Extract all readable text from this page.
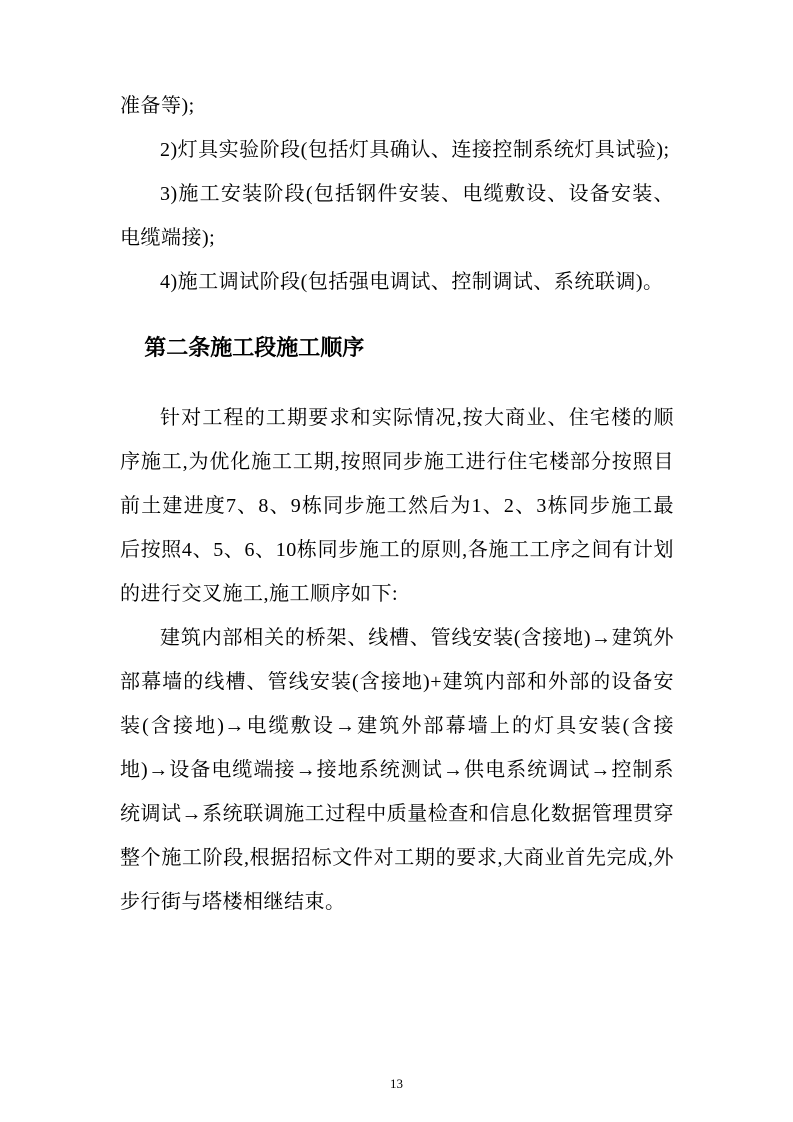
准备等);

2)灯具实验阶段(包括灯具确认、连接控制系统灯具试验);

3)施工安装阶段(包括钢件安装、电缆敷设、设备安装、电缆端接);

4)施工调试阶段(包括强电调试、控制调试、系统联调)。

第二条施工段施工顺序

针对工程的工期要求和实际情况,按大商业、住宅楼的顺序施工,为优化施工工期,按照同步施工进行住宅楼部分按照目前土建进度7、8、9栋同步施工然后为1、2、3栋同步施工最后按照4、5、6、10栋同步施工的原则,各施工工序之间有计划的进行交叉施工,施工顺序如下:

建筑内部相关的桥架、线槽、管线安装(含接地)→建筑外部幕墙的线槽、管线安装(含接地)+建筑内部和外部的设备安装(含接地)→电缆敷设→建筑外部幕墙上的灯具安装(含接地)→设备电缆端接→接地系统测试→供电系统调试→控制系统调试→系统联调施工过程中质量检查和信息化数据管理贯穿整个施工阶段,根据招标文件对工期的要求,大商业首先完成,外步行街与塔楼相继结束。

13
